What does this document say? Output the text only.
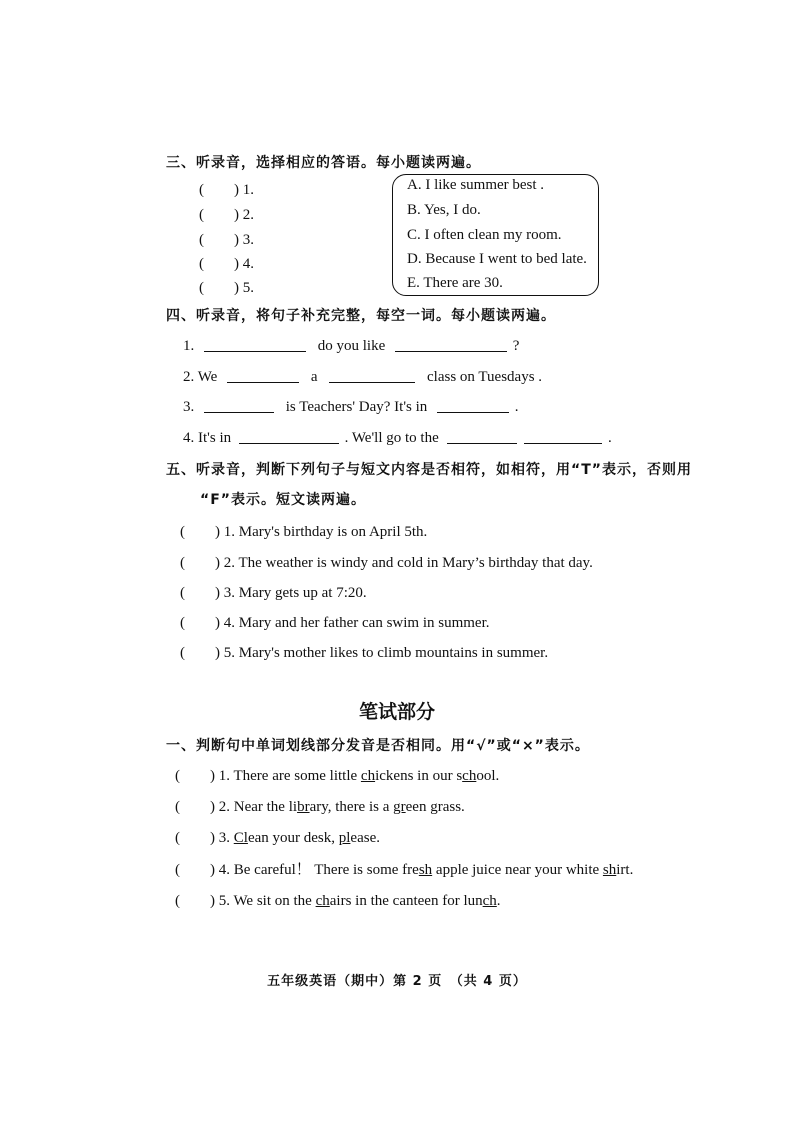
三、听录音，选择相应的答语。每小题读两遍。
(　　) 1.
(　　) 2.
(　　) 3.
(　　) 4.
(　　) 5.
A. I like summer best .
B. Yes, I do.
C. I often clean my room.
D. Because I went to bed late.
E. There are 30.
四、听录音，将句子补充完整，每空一词。每小题读两遍。
1.	do you like	?
2. We	a	class on Tuesdays .
3.	is Teachers' Day? It's in	.
4. It's in	. We'll go to the	.
五、听录音，判断下列句子与短文内容是否相符，如相符，用“T”表示，否则用
“F”表示。短文读两遍。
(　　) 1. Mary's birthday is on April 5th.
(　　) 2. The weather is windy and cold in Mary’s birthday that day.
(　　) 3. Mary gets up at 7:20.
(　　) 4. Mary and her father can swim in summer.
(　　) 5. Mary's mother likes to climb mountains in summer.
笔试部分
一、判断句中单词划线部分发音是否相同。用“√”或“×”表示。
(　　) 1. There are some little chickens in our school.
(　　) 2. Near the library, there is a green grass.
(　　) 3. Clean your desk, please.
(　　) 4. Be careful！ There is some fresh apple juice near your white shirt.
(　　) 5. We sit on the chairs in the canteen for lunch.
五年级英语（期中）第 2 页　（共 4 页）
